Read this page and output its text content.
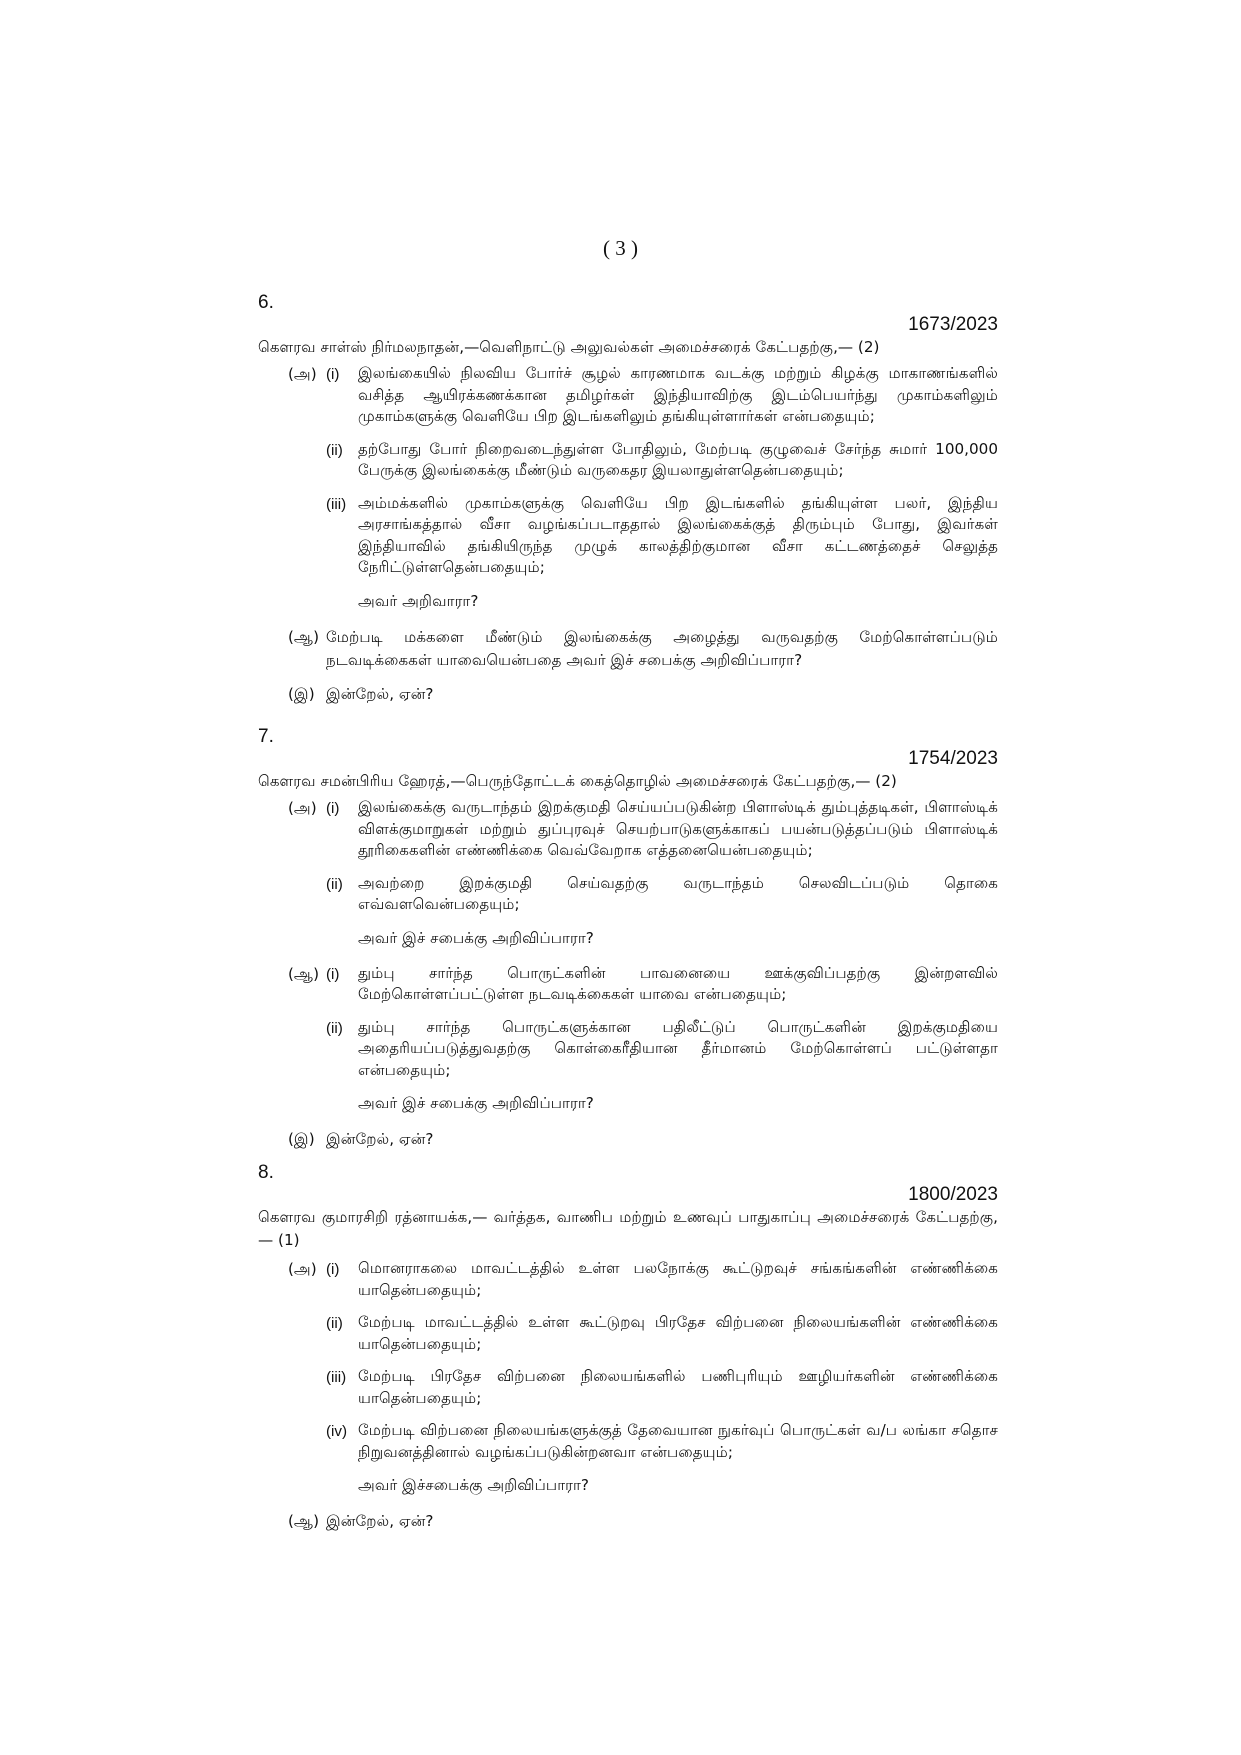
( 3 )
6.
1673/2023
கௌரவ சாள்ஸ் நிர்மலநாதன்,—வெளிநாட்டு அலுவல்கள் அமைச்சரைக் கேட்பதற்கு,— (2)
(அ) (i) இலங்கையில் நிலவிய போர்ச் சூழல் காரணமாக வடக்கு மற்றும் கிழக்கு மாகாணங்களில் வசித்த ஆயிரக்கணக்கான தமிழர்கள் இந்தியாவிற்கு இடம்பெயர்ந்து முகாம்களிலும் முகாம்களுக்கு வெளியே பிற இடங்களிலும் தங்கியுள்ளார்கள் என்பதையும்;
(ii) தற்போது போர் நிறைவடைந்துள்ள போதிலும், மேற்படி குழுவைச் சேர்ந்த சுமார் 100,000 பேருக்கு இலங்கைக்கு மீண்டும் வருகைதர இயலாதுள்ளதென்பதையும்;
(iii) அம்மக்களில் முகாம்களுக்கு வெளியே பிற இடங்களில் தங்கியுள்ள பலர், இந்திய அரசாங்கத்தால் வீசா வழங்கப்படாததால் இலங்கைக்குத் திரும்பும் போது, இவர்கள் இந்தியாவில் தங்கியிருந்த முழுக் காலத்திற்குமான வீசா கட்டணத்தைச் செலுத்த நேரிட்டுள்ளதென்பதையும்;
அவர் அறிவாரா?
(ஆ) மேற்படி மக்களை மீண்டும் இலங்கைக்கு அழைத்து வருவதற்கு மேற்கொள்ளப்படும் நடவடிக்கைகள் யாவையென்பதை அவர் இச் சபைக்கு அறிவிப்பாரா?
(இ) இன்றேல், ஏன்?
7.
1754/2023
கௌரவ சமன்பிரிய ஹேரத்,—பெருந்தோட்டக் கைத்தொழில் அமைச்சரைக் கேட்பதற்கு,— (2)
(அ) (i) இலங்கைக்கு வருடாந்தம் இறக்குமதி செய்யப்படுகின்ற பிளாஸ்டிக் தும்புத்தடிகள், பிளாஸ்டிக் விளக்குமாறுகள் மற்றும் துப்புரவுச் செயற்பாடுகளுக்காகப் பயன்படுத்தப்படும் பிளாஸ்டிக் தூரிகைகளின் எண்ணிக்கை வெவ்வேறாக எத்தனையென்பதையும்;
(ii) அவற்றை இறக்குமதி செய்வதற்கு வருடாந்தம் செலவிடப்படும் தொகை எவ்வளவென்பதையும்;
அவர் இச் சபைக்கு அறிவிப்பாரா?
(ஆ) (i) தும்பு சார்ந்த பொருட்களின் பாவனையை ஊக்குவிப்பதற்கு இன்றளவில் மேற்கொள்ளப்பட்டுள்ள நடவடிக்கைகள் யாவை என்பதையும்;
(ii) தும்பு சார்ந்த பொருட்களுக்கான பதிலீட்டுப் பொருட்களின் இறக்குமதியை அதைரியப்படுத்துவதற்கு கொள்கைரீதியான தீர்மானம் மேற்கொள்ளப் பட்டுள்ளதா என்பதையும்;
அவர் இச் சபைக்கு அறிவிப்பாரா?
(இ) இன்றேல், ஏன்?
8.
1800/2023
கௌரவ குமாரசிறி ரத்னாயக்க,— வர்த்தக, வாணிப மற்றும் உணவுப் பாதுகாப்பு அமைச்சரைக் கேட்பதற்கு,— (1)
(அ) (i) மொனராகலை மாவட்டத்தில் உள்ள பலநோக்கு கூட்டுறவுச் சங்கங்களின் எண்ணிக்கை யாதென்பதையும்;
(ii) மேற்படி மாவட்டத்தில் உள்ள கூட்டுறவு பிரதேச விற்பனை நிலையங்களின் எண்ணிக்கை யாதென்பதையும்;
(iii) மேற்படி பிரதேச விற்பனை நிலையங்களில் பணிபுரியும் ஊழியர்களின் எண்ணிக்கை யாதென்பதையும்;
(iv) மேற்படி விற்பனை நிலையங்களுக்குத் தேவையான நுகர்வுப் பொருட்கள் வ/ப லங்கா சதொச நிறுவனத்தினால் வழங்கப்படுகின்றனவா என்பதையும்;
அவர் இச்சபைக்கு அறிவிப்பாரா?
(ஆ) இன்றேல், ஏன்?
